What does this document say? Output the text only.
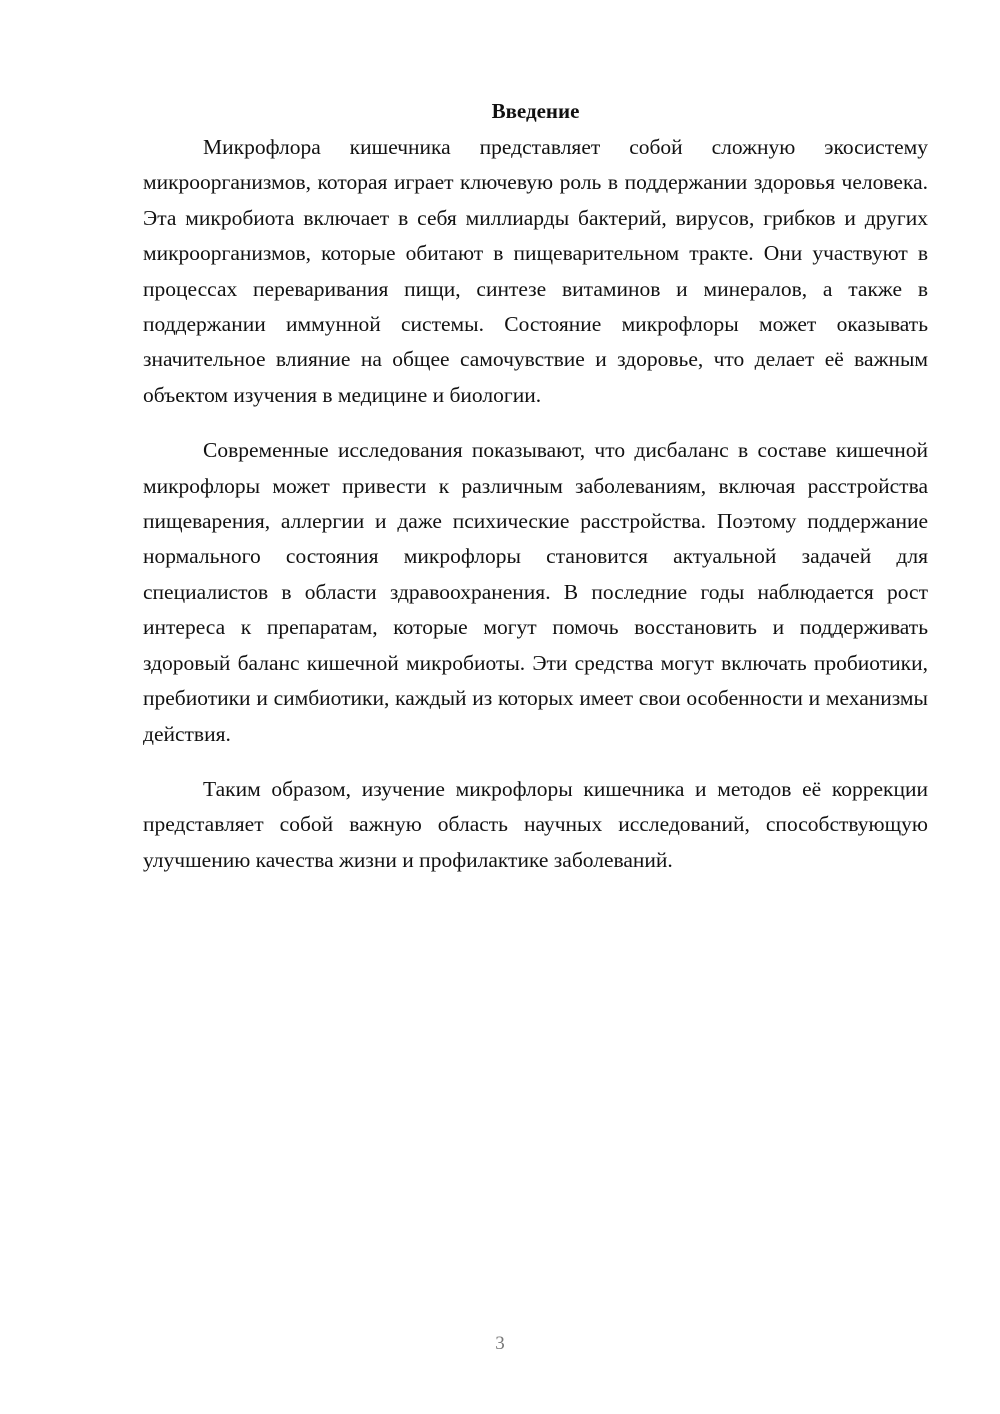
Введение

Микрофлора кишечника представляет собой сложную экосистему микроорганизмов, которая играет ключевую роль в поддержании здоровья человека. Эта микробиота включает в себя миллиарды бактерий, вирусов, грибков и других микроорганизмов, которые обитают в пищеварительном тракте. Они участвуют в процессах переваривания пищи, синтезе витаминов и минералов, а также в поддержании иммунной системы. Состояние микрофлоры может оказывать значительное влияние на общее самочувствие и здоровье, что делает её важным объектом изучения в медицине и биологии.

Современные исследования показывают, что дисбаланс в составе кишечной микрофлоры может привести к различным заболеваниям, включая расстройства пищеварения, аллергии и даже психические расстройства. Поэтому поддержание нормального состояния микрофлоры становится актуальной задачей для специалистов в области здравоохранения. В последние годы наблюдается рост интереса к препаратам, которые могут помочь восстановить и поддерживать здоровый баланс кишечной микробиоты. Эти средства могут включать пробиотики, пребиотики и симбиотики, каждый из которых имеет свои особенности и механизмы действия.

Таким образом, изучение микрофлоры кишечника и методов её коррекции представляет собой важную область научных исследований, способствующую улучшению качества жизни и профилактике заболеваний.

3
